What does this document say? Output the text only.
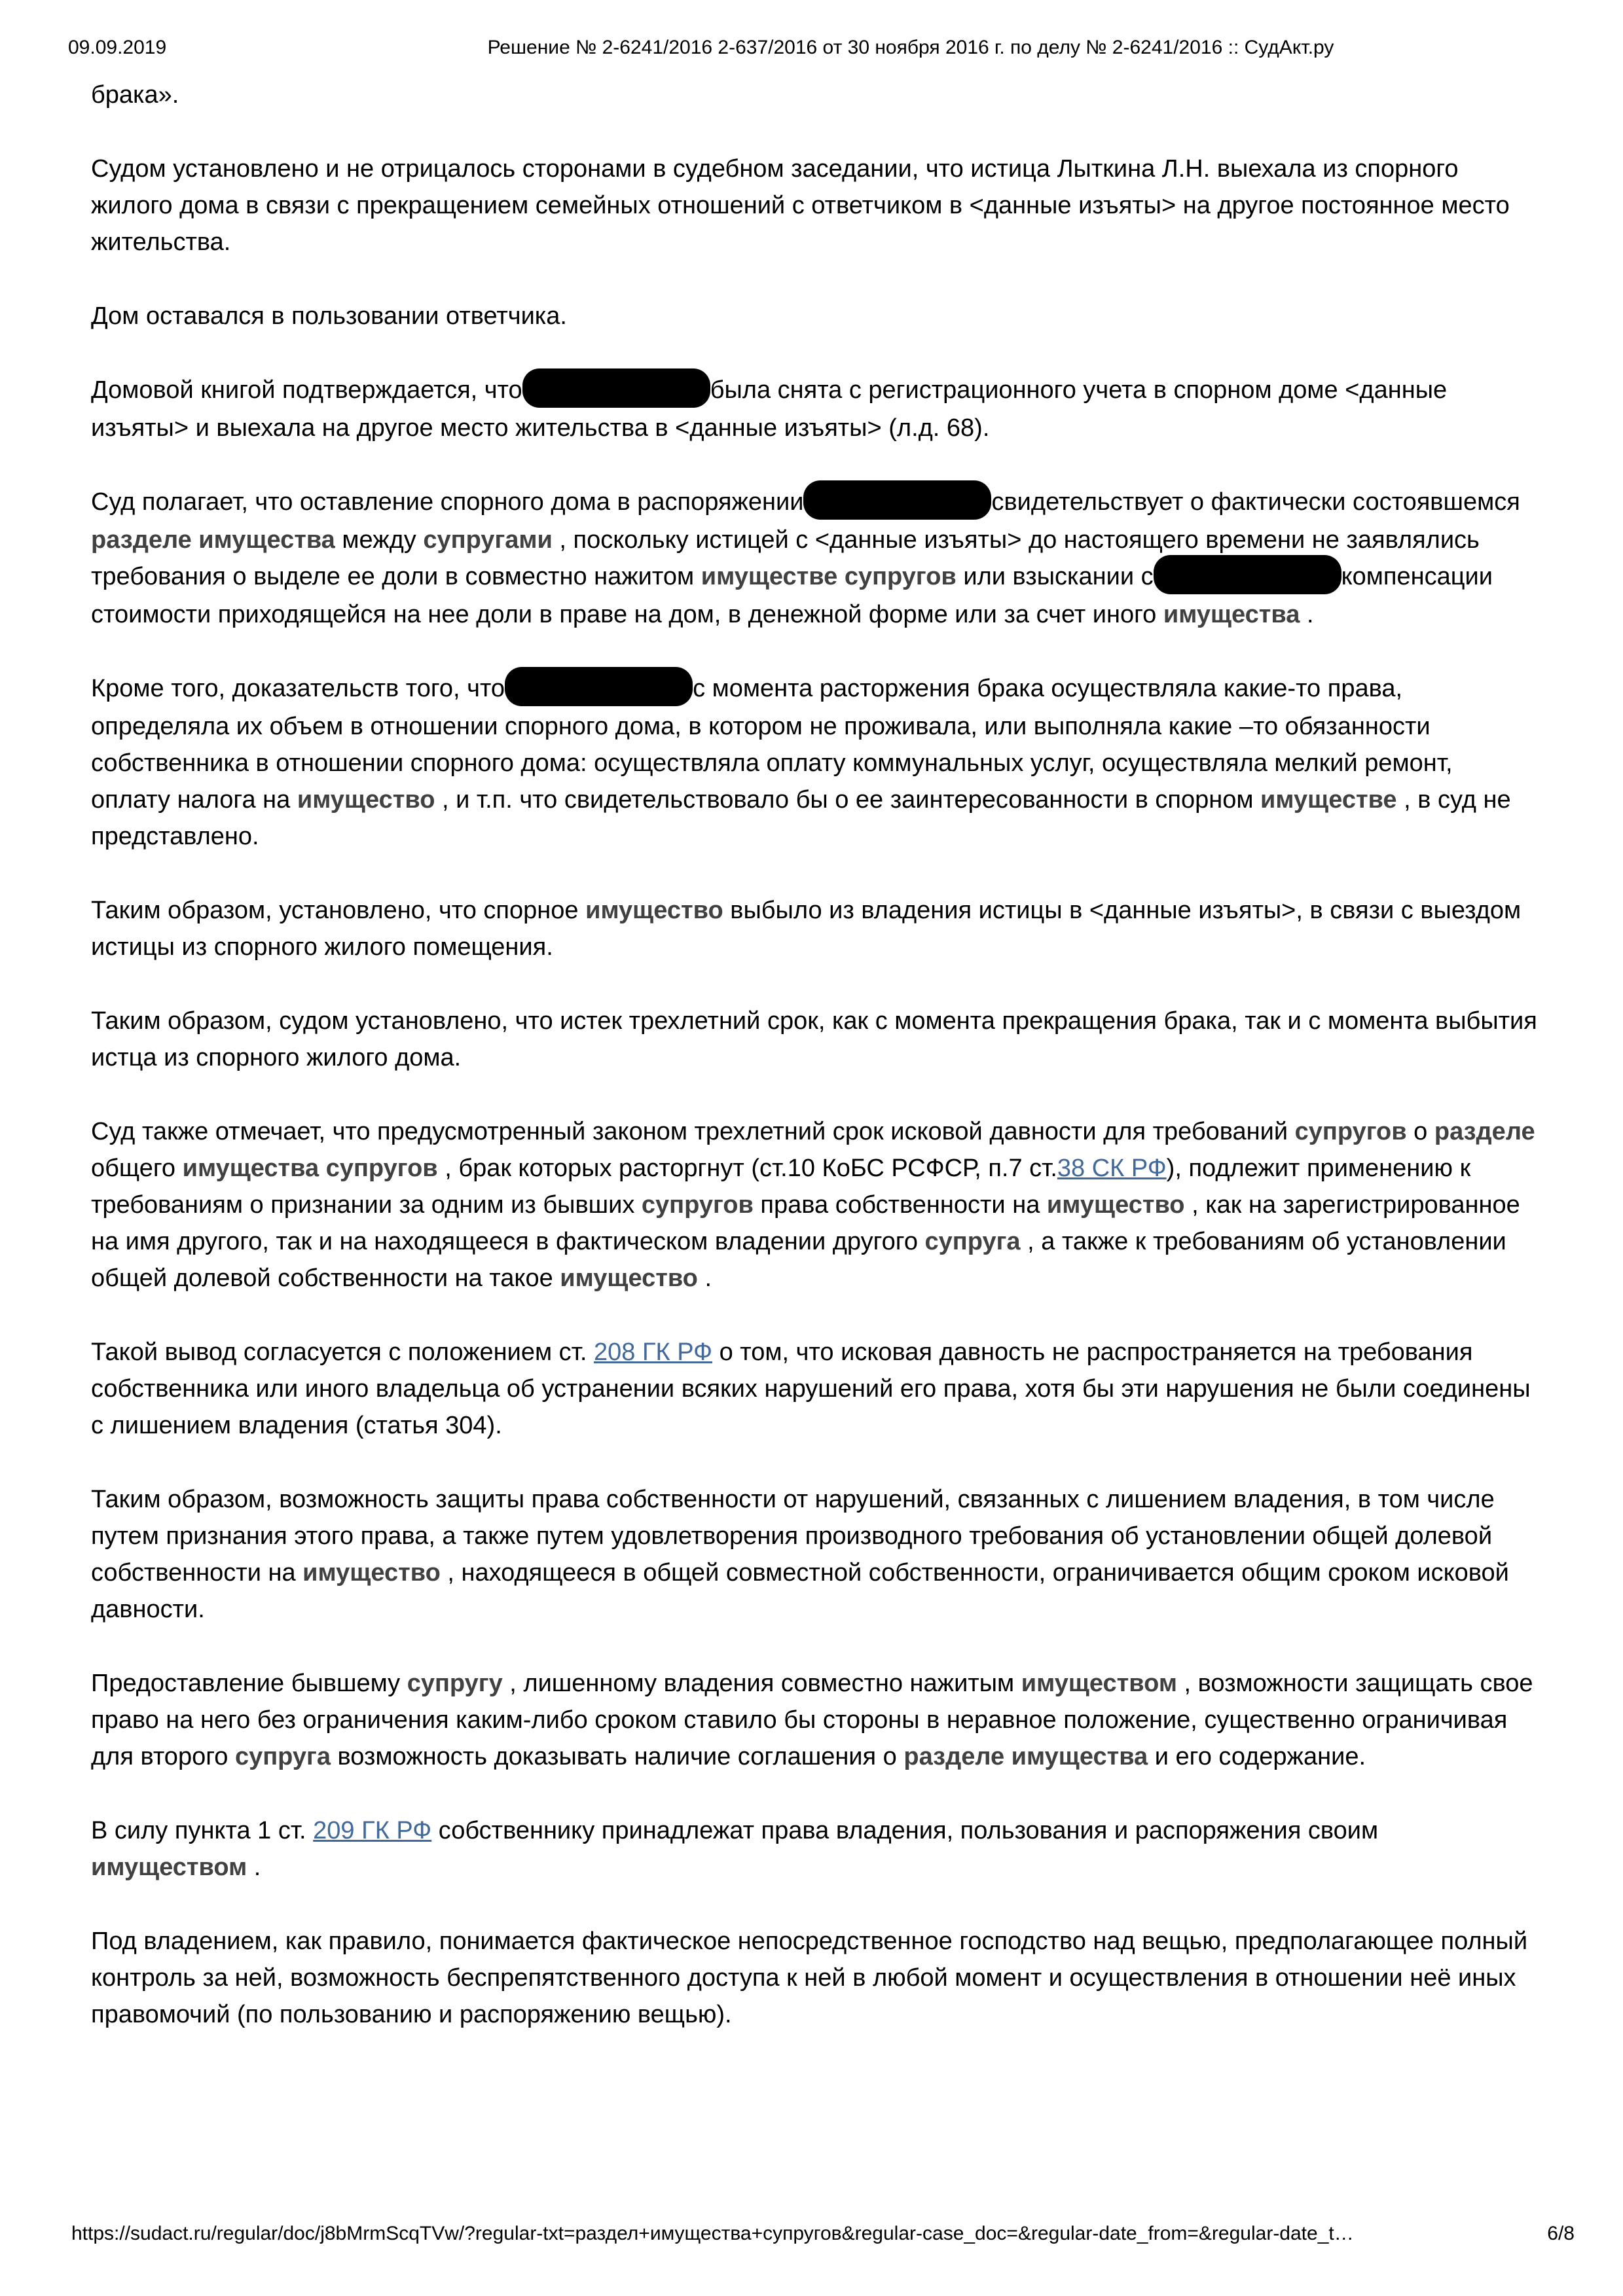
09.09.2019	Решение № 2-6241/2016 2-637/2016 от 30 ноября 2016 г. по делу № 2-6241/2016 :: СудАкт.ру

брака».

Судом установлено и не отрицалось сторонами в судебном заседании, что истица Лыткина Л.Н. выехала из спорного жилого дома в связи с прекращением семейных отношений с ответчиком в <данные изъяты> на другое постоянное место жительства.

Дом оставался в пользовании ответчика.

Домовой книгой подтверждается, что	была снята с регистрационного учета в спорном доме <данные изъяты> и выехала на другое место жительства в <данные изъяты> (л.д. 68).

Суд полагает, что оставление спорного дома в распоряжении	свидетельствует о фактически состоявшемся разделе имущества между супругами , поскольку истицей с <данные изъяты> до настоящего времени не заявлялись требования о выделе ее доли в совместно нажитом имуществе супругов или взыскании с	компенсации стоимости приходящейся на нее доли в праве на дом, в денежной форме или за счет иного имущества .

Кроме того, доказательств того, что	с момента расторжения брака осуществляла какие-то права, определяла их объем в отношении спорного дома, в котором не проживала, или выполняла какие –то обязанности собственника в отношении спорного дома: осуществляла оплату коммунальных услуг, осуществляла мелкий ремонт, оплату налога на имущество , и т.п. что свидетельствовало бы о ее заинтересованности в спорном имуществе , в суд не представлено.

Таким образом, установлено, что спорное имущество выбыло из владения истицы в <данные изъяты>, в связи с выездом истицы из спорного жилого помещения.

Таким образом, судом установлено, что истек трехлетний срок, как с момента прекращения брака, так и с момента выбытия истца из спорного жилого дома.

Суд также отмечает, что предусмотренный законом трехлетний срок исковой давности для требований супругов о разделе общего имущества супругов , брак которых расторгнут (ст.10 КоБС РСФСР, п.7 ст.38 СК РФ), подлежит применению к требованиям о признании за одним из бывших супругов права собственности на имущество , как на зарегистрированное на имя другого, так и на находящееся в фактическом владении другого супруга , а также к требованиям об установлении общей долевой собственности на такое имущество .

Такой вывод согласуется с положением ст. 208 ГК РФ о том, что исковая давность не распространяется на требования собственника или иного владельца об устранении всяких нарушений его права, хотя бы эти нарушения не были соединены с лишением владения (статья 304).

Таким образом, возможность защиты права собственности от нарушений, связанных с лишением владения, в том числе путем признания этого права, а также путем удовлетворения производного требования об установлении общей долевой собственности на имущество , находящееся в общей совместной собственности, ограничивается общим сроком исковой давности.

Предоставление бывшему супругу , лишенному владения совместно нажитым имуществом , возможности защищать свое право на него без ограничения каким-либо сроком ставило бы стороны в неравное положение, существенно ограничивая для второго супруга возможность доказывать наличие соглашения о разделе имущества и его содержание.

В силу пункта 1 ст. 209 ГК РФ собственнику принадлежат права владения, пользования и распоряжения своим имуществом .

Под владением, как правило, понимается фактическое непосредственное господство над вещью, предполагающее полный контроль за ней, возможность беспрепятственного доступа к ней в любой момент и осуществления в отношении неё иных правомочий (по пользованию и распоряжению вещью).

https://sudact.ru/regular/doc/j8bMrmScqTVw/?regular-txt=раздел+имущества+супругов&regular-case_doc=&regular-date_from=&regular-date_t…	6/8
